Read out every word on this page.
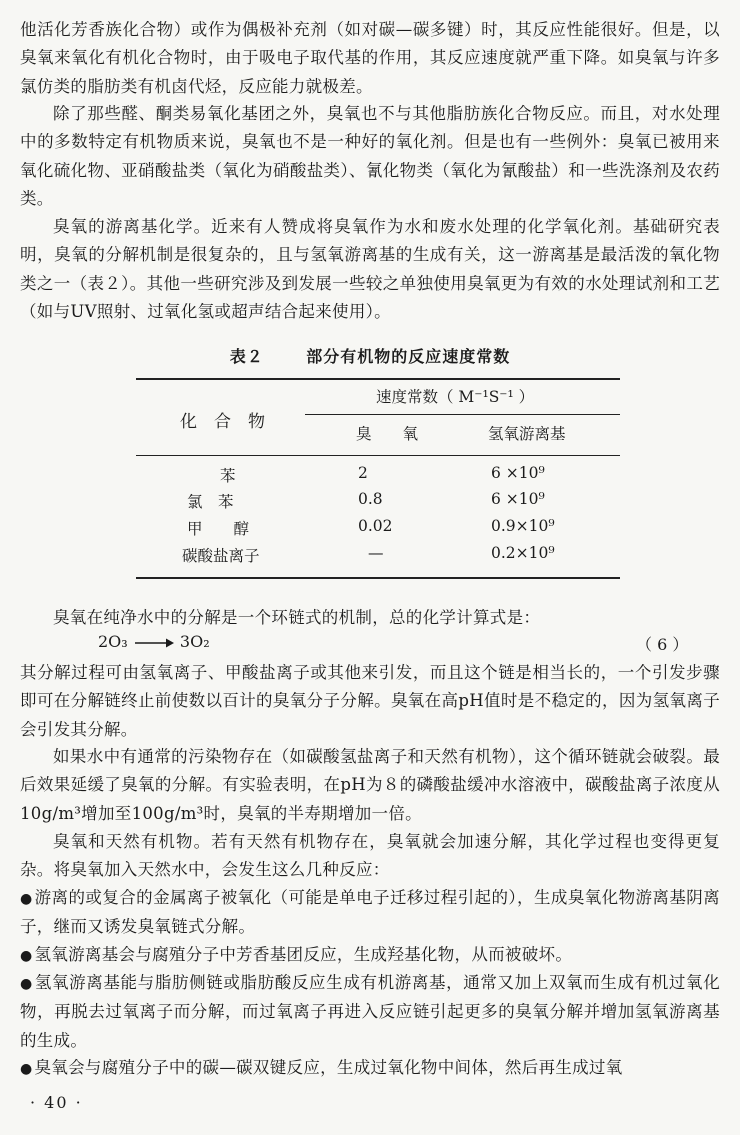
他活化芳香族化合物）或作为偶极补充剂（如对碳—碳多键）时，其反应性能很好。但是，以臭氧来氧化有机化合物时，由于吸电子取代基的作用，其反应速度就严重下降。如臭氧与许多氯仿类的脂肪类有机卤代烃，反应能力就极差。

除了那些醛、酮类易氧化基团之外，臭氧也不与其他脂肪族化合物反应。而且，对水处理中的多数特定有机物质来说，臭氧也不是一种好的氧化剂。但是也有一些例外：臭氧已被用来氧化硫化物、亚硝酸盐类（氧化为硝酸盐类）、氰化物类（氧化为氰酸盐）和一些洗涤剂及农药类。

臭氧的游离基化学。近来有人赞成将臭氧作为水和废水处理的化学氧化剂。基础研究表明，臭氧的分解机制是很复杂的，且与氢氧游离基的生成有关，这一游离基是最活泼的氧化物类之一（表２）。其他一些研究涉及到发展一些较之单独使用臭氧更为有效的水处理试剂和工艺（如与UV照射、过氧化氢或超声结合起来使用）。

表２	部分有机物的反应速度常数
化　合　物
速度常数（ M⁻¹S⁻¹ ）
臭　　氧	氢氧游离基
苯	2	6 ×10⁹
氯　苯	0.8	6 ×10⁹
甲　　醇	0.02	0.9×10⁹
碳酸盐离子	—	0.2×10⁹

臭氧在纯净水中的分解是一个环链式的机制，总的化学计算式是：

2O₃	3O₂	（ 6 ）

其分解过程可由氢氧离子、甲酸盐离子或其他来引发，而且这个链是相当长的，一个引发步骤即可在分解链终止前使数以百计的臭氧分子分解。臭氧在高pH值时是不稳定的，因为氢氧离子会引发其分解。

如果水中有通常的污染物存在（如碳酸氢盐离子和天然有机物），这个循环链就会破裂。最后效果延缓了臭氧的分解。有实验表明，在pH为８的磷酸盐缓冲水溶液中，碳酸盐离子浓度从10g/m³增加至100g/m³时，臭氧的半寿期增加一倍。

臭氧和天然有机物。若有天然有机物存在，臭氧就会加速分解，其化学过程也变得更复杂。将臭氧加入天然水中，会发生这么几种反应：

● 游离的或复合的金属离子被氧化（可能是单电子迁移过程引起的），生成臭氧化物游离基阴离子，继而又诱发臭氧链式分解。

● 氢氧游离基会与腐殖分子中芳香基团反应，生成羟基化物，从而被破坏。

● 氢氧游离基能与脂肪侧链或脂肪酸反应生成有机游离基，通常又加上双氧而生成有机过氧化物，再脱去过氧离子而分解，而过氧离子再进入反应链引起更多的臭氧分解并增加氢氧游离基的生成。

● 臭氧会与腐殖分子中的碳—碳双键反应，生成过氧化物中间体，然后再生成过氧

· 40 ·
